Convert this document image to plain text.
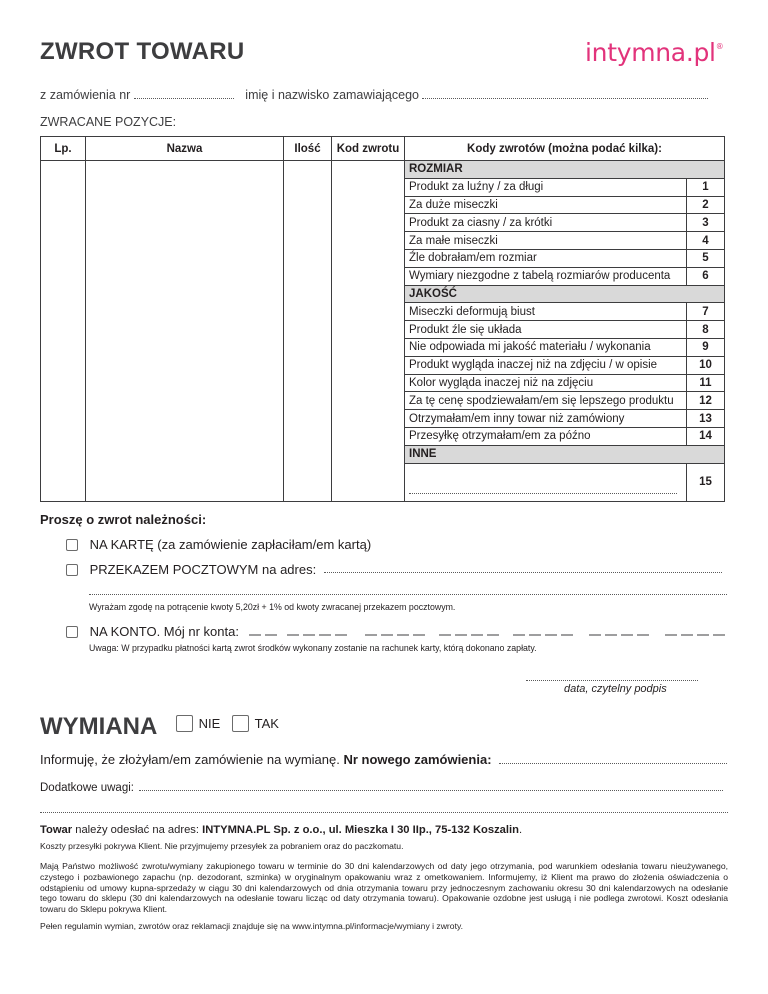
ZWROT TOWARU	intymna.pl®
z zamówienia nr	imię i nazwisko zamawiającego
ZWRACANE POZYCJE:
Lp.	Nazwa	Ilość	Kod zwrotu	Kody zwrotów (można podać kilka):	
				ROZMIAR	
				Produkt za luźny / za długi	1
				Za duże miseczki	2
				Produkt za ciasny / za krótki	3
				Za małe miseczki	4
				Źle dobrałam/em rozmiar	5
				Wymiary niezgodne z tabelą rozmiarów producenta	6
				JAKOŚĆ	
				Miseczki deformują biust	7
				Produkt źle się układa	8
				Nie odpowiada mi jakość materiału / wykonania	9
				Produkt wygląda inaczej niż na zdjęciu / w opisie	10
				Kolor wygląda inaczej niż na zdjęciu	11
				Za tę cenę spodziewałam/em się lepszego produktu	12
				Otrzymałam/em inny towar niż zamówiony	13
				Przesyłkę otrzymałam/em za późno	14
				INNE	
					15
Proszę o zwrot należności:
NA KARTĘ (za zamówienie zapłaciłam/em kartą)
PRZEKAZEM POCZTOWYM na adres:
Wyrażam zgodę na potrącenie kwoty 5,20zł + 1% od kwoty zwracanej przekazem pocztowym.
NA KONTO. Mój nr konta:
Uwaga: W przypadku płatności kartą zwrot środków wykonany zostanie na rachunek karty, którą dokonano zapłaty.
data, czytelny podpis
WYMIANA	NIE	TAK
Informuję, że złożyłam/em zamówienie na wymianę. Nr nowego zamówienia:
Dodatkowe uwagi:
Towar należy odesłać na adres: INTYMNA.PL Sp. z o.o., ul. Mieszka I 30 IIp., 75-132 Koszalin.
Koszty przesyłki pokrywa Klient. Nie przyjmujemy przesyłek za pobraniem oraz do paczkomatu.
Mają Państwo możliwość zwrotu/wymiany zakupionego towaru w terminie do 30 dni kalendarzowych od daty jego otrzymania, pod warunkiem odesłania towaru nieużywanego, czystego i pozbawionego zapachu (np. dezodorant, szminka) w oryginalnym opakowaniu wraz z ometkowaniem. Informujemy, iż Klient ma prawo do złożenia oświadczenia o odstąpieniu od umowy kupna-sprzedaży w ciągu 30 dni kalendarzowych od dnia otrzymania towaru przy jednoczesnym zachowaniu okresu 30 dni kalendarzowych na odesłanie tego towaru do sklepu (30 dni kalendarzowych na odesłanie towaru licząc od daty otrzymania towaru). Opakowanie ozdobne jest usługą i nie podlega zwrotowi. Koszt odesłania towaru do Sklepu pokrywa Klient.
Pełen regulamin wymian, zwrotów oraz reklamacji znajduje się na www.intymna.pl/informacje/wymiany i zwroty.
